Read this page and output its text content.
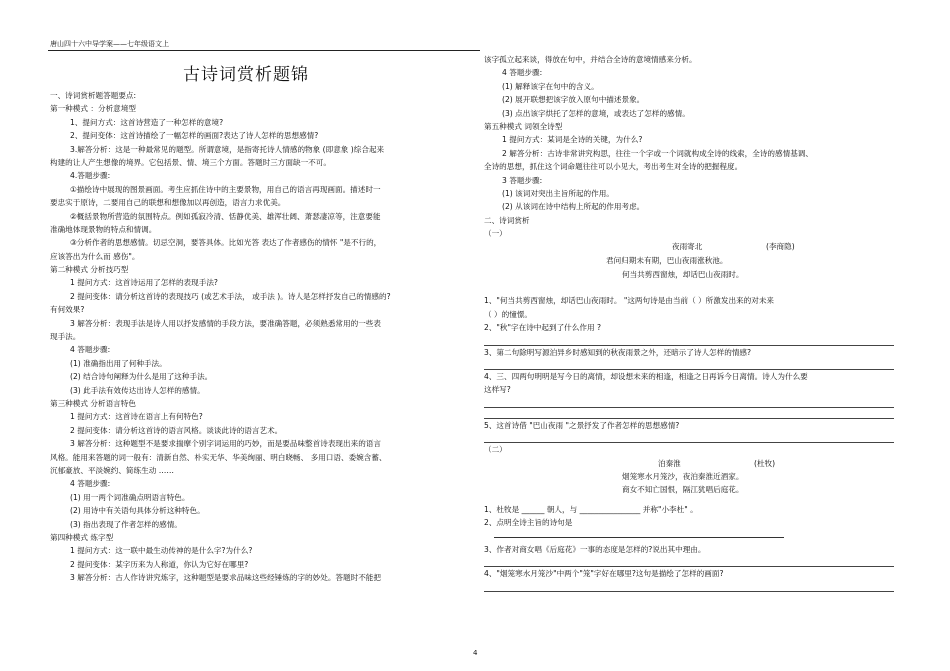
唐山四十六中导学案——七年级语文上
古诗词赏析题锦
一、诗词赏析题答题要点:
第一种模式 ：分析意境型
1、提问方式：这首诗营造了一种怎样的意境?
2、提问变体：这首诗描绘了一幅怎样的画面?表达了诗人怎样的思想感情?
3.解答分析：这是一种最常见的题型。所谓意境，是指寄托诗人情感的物象 (即意象 )综合起来
构建的让人产生想像的境界。它包括景、情、境三个方面。答题时三方面缺一不可。
4.答题步骤:
①描绘诗中展现的图景画面。考生应抓住诗中的主要景物，用自己的语言再现画面。描述时一
要忠实于原诗，二要用自己的联想和想像加以再创造，语言力求优美。
②概括景物所营造的氛围特点。例如孤寂冷清、恬静优美、雄浑壮阔、萧瑟凄凉等，注意要能
准确地体现景物的特点和情调。
③分析作者的思想感情。切忌空洞，要答具体。比如光答 表达了作者感伤的情怀 "是不行的，
应该答出为什么而 感伤"。
第二种模式 分析技巧型
1 提问方式：这首诗运用了怎样的表现手法?
2 提问变体：请分析这首诗的表现技巧 (或艺术手法， 或手法 )。诗人是怎样抒发自己的情感的?
有何效果?
3 解答分析：表现手法是诗人用以抒发感情的手段方法，要准确答题，必须熟悉常用的一些表
现手法。
4 答题步骤:
(1) 准确指出用了何种手法。
(2) 结合诗句阐释为什么是用了这种手法。
(3) 此手法有效传达出诗人怎样的感情。
第三种模式 分析语言特色
1 提问方式：这首诗在语言上有何特色?
2 提问变体：请分析这首诗的语言风格。谈谈此诗的语言艺术。
3 解答分析：这种题型不是要求揣摩个别字词运用的巧妙，而是要品味整首诗表现出来的语言
风格。能用来答题的词一般有：清新自然、朴实无华、华美绚丽、明白晓畅、 多用口语、委婉含蓄、
沉郁豪放、平淡婉约、简练生动 ……
4 答题步骤:
(1) 用一两个词准确点明语言特色。
(2) 用诗中有关语句具体分析这种特色。
(3) 指出表现了作者怎样的感情。
第四种模式 炼字型
1 提问方式：这一联中最生动传神的是什么字?为什么?
2 提问变体：某字历来为人称道，你认为它好在哪里?
3 解答分析：古人作诗讲究炼字，这种题型是要求品味这些经锤炼的字的妙处。答题时不能把
该字孤立起来谈，得放在句中，并结合全诗的意境情感来分析。
4 答题步骤:
(1) 解释该字在句中的含义。
(2) 展开联想把该字放入原句中描述景象。
(3) 点出该字烘托了怎样的意境，或表达了怎样的感情。
第五种模式 词领全诗型
1 提问方式：某词是全诗的关键，为什么?
2 解答分析：古诗非常讲究构思，往往一个字或一个词就构成全诗的线索，全诗的感情基调、
全诗的思想，抓住这个词命题往往可以小见大，考出考生对全诗的把握程度。
3 答题步骤:
(1) 该词对突出主旨所起的作用。
(2) 从该词在诗中结构上所起的作用考虑。
二、诗词赏析
（一）
夜雨寄北	(李商隐)
君问归期未有期，巴山夜雨涨秋池。
何当共剪西窗烛，却话巴山夜雨时。
1、"何当共剪西窗烛，却话巴山夜雨时。 "这两句诗是由当前（ ）所激发出来的对未来
（ ）的憧憬。
2、"秋"字在诗中起到了什么作用 ?
3、第二句除明写源泊异乡时感知到的秋夜雨景之外，还暗示了诗人怎样的情感?
4、三、四两句明明是写今日的离情，却设想未来的相逢，相逢之日再诉今日离情。诗人为什么要
这样写?
5、这首诗借 "巴山夜雨 "之景抒发了作者怎样的思想感情?
（二）
泊秦淮	(杜牧)
烟笼寒水月笼沙，夜泊秦淮近酒家。
商女不知亡国恨，隔江犹唱后庭花。
1、杜牧是 ______ 朝人，与 ________________ 并称"小李杜" 。
2、点明全诗主旨的诗句是
3、作者对商女唱《后庭花》一事的态度是怎样的?说出其中理由。
4、"烟笼寒水月笼沙"中两个"笼"字好在哪里?这句是描绘了怎样的画面?
4
